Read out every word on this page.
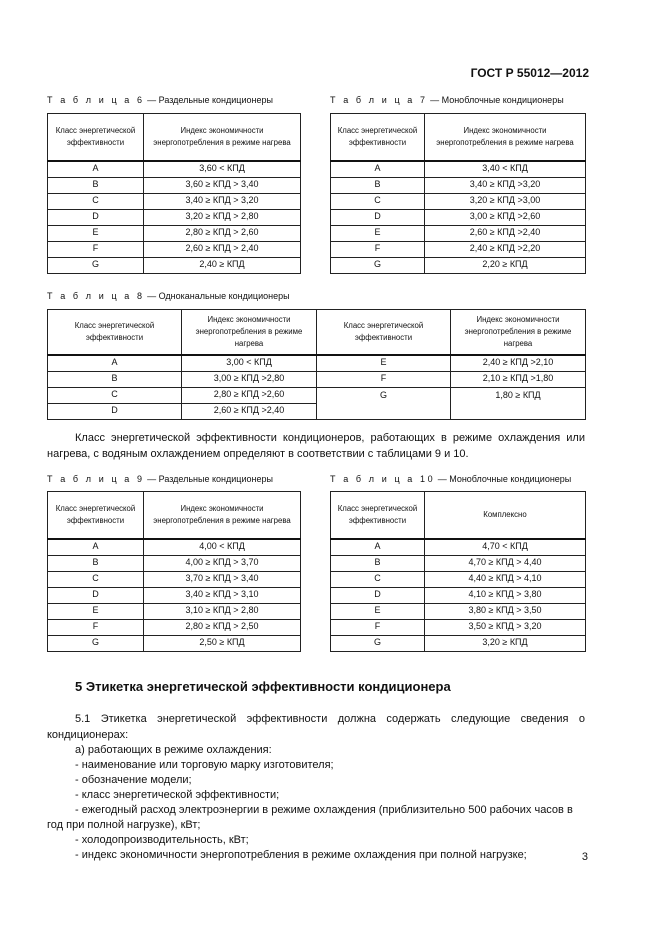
ГОСТ Р 55012—2012
Т а б л и ц а 6 — Раздельные кондиционеры
Класс энергетической эффективности	Индекс экономичности энергопотребления в режиме нагрева
A	3,60 < КПД
B	3,60 ≥ КПД > 3,40
C	3,40 ≥ КПД > 3,20
D	3,20 ≥ КПД > 2,80
E	2,80 ≥ КПД > 2,60
F	2,60 ≥ КПД > 2,40
G	2,40 ≥ КПД
Т а б л и ц а 7 — Моноблочные кондиционеры
Класс энергетической эффективности	Индекс экономичности энергопотребления в режиме нагрева
A	3,40 < КПД
B	3,40 ≥ КПД >3,20
C	3,20 ≥ КПД >3,00
D	3,00 ≥ КПД >2,60
E	2,60 ≥ КПД >2,40
F	2,40 ≥ КПД >2,20
G	2,20 ≥ КПД
Т а б л и ц а 8 — Одноканальные кондиционеры
Класс энергетической эффективности	Индекс экономичности энергопотребления в режиме нагрева	Класс энергетической эффективности	Индекс экономичности энергопотребления в режиме нагрева
A	3,00 < КПД	E	2,40 ≥ КПД >2,10
B	3,00 ≥ КПД >2,80	F	2,10 ≥ КПД >1,80
C	2,80 ≥ КПД >2,60	G	1,80 ≥ КПД
D	2,60 ≥ КПД >2,40		
Класс энергетической эффективности кондиционеров, работающих в режиме охлаждения или нагрева, с водяным охлаждением определяют в соответствии с таблицами 9 и 10.
Т а б л и ц а 9 — Раздельные кондиционеры
Класс энергетической эффективности	Индекс экономичности энергопотребления в режиме нагрева
A	4,00 < КПД
B	4,00 ≥ КПД > 3,70
C	3,70 ≥ КПД > 3,40
D	3,40 ≥ КПД > 3,10
E	3,10 ≥ КПД > 2,80
F	2,80 ≥ КПД > 2,50
G	2,50 ≥ КПД
Т а б л и ц а 10 — Моноблочные кондиционеры
Класс энергетической эффективности	Комплексно
A	4,70 < КПД
B	4,70 ≥ КПД > 4,40
C	4,40 ≥ КПД > 4,10
D	4,10 ≥ КПД > 3,80
E	3,80 ≥ КПД > 3,50
F	3,50 ≥ КПД > 3,20
G	3,20 ≥ КПД
5 Этикетка энергетической эффективности кондиционера
5.1 Этикетка энергетической эффективности должна содержать следующие сведения о кондиционерах:
а) работающих в режиме охлаждения:
- наименование или торговую марку изготовителя;
- обозначение модели;
- класс энергетической эффективности;
- ежегодный расход электроэнергии в режиме охлаждения (приблизительно 500 рабочих часов в
год при полной нагрузке), кВт;
- холодопроизводительность, кВт;
- индекс экономичности энергопотребления в режиме охлаждения при полной нагрузке;	3
